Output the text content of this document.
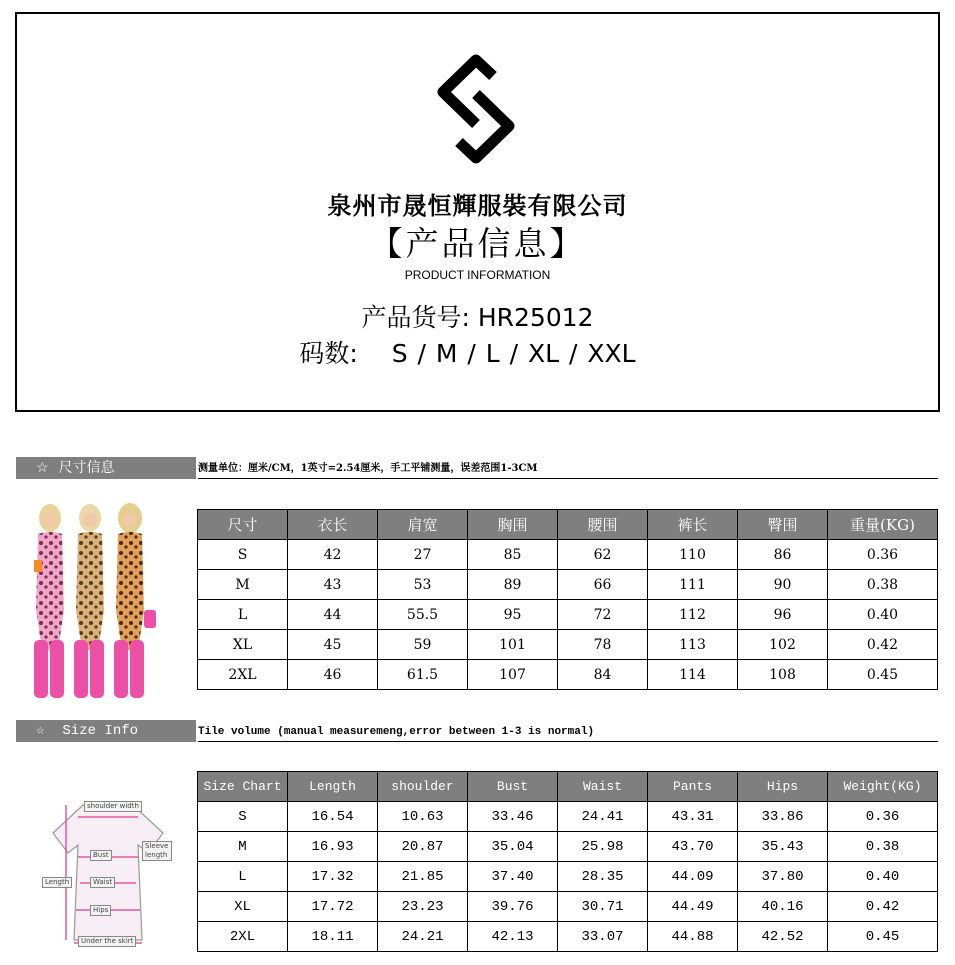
泉州市晟恒輝服裝有限公司
【产品信息】
PRODUCT INFORMATION
产品货号: HR25012
码数: S / M / L / XL / XXL
☆ 尺寸信息	测量单位：厘米/CM，1英寸=2.54厘米，手工平铺测量，误差范围1-3CM
尺寸	衣长	肩宽	胸围	腰围	裤长	臀围	重量(KG)
S	42	27	85	62	110	86	0.36
M	43	53	89	66	111	90	0.38
L	44	55.5	95	72	112	96	0.40
XL	45	59	101	78	113	102	0.42
2XL	46	61.5	107	84	114	108	0.45
☆ Size Info	Tile volume (manual measuremeng,error between 1-3 is normal)
shoulder width
Sleeve length
Bust
Length	Waist
Hips
Under the skirt
Size Chart	Length	shoulder	Bust	Waist	Pants	Hips	Weight(KG)
S	16.54	10.63	33.46	24.41	43.31	33.86	0.36
M	16.93	20.87	35.04	25.98	43.70	35.43	0.38
L	17.32	21.85	37.40	28.35	44.09	37.80	0.40
XL	17.72	23.23	39.76	30.71	44.49	40.16	0.42
2XL	18.11	24.21	42.13	33.07	44.88	42.52	0.45
